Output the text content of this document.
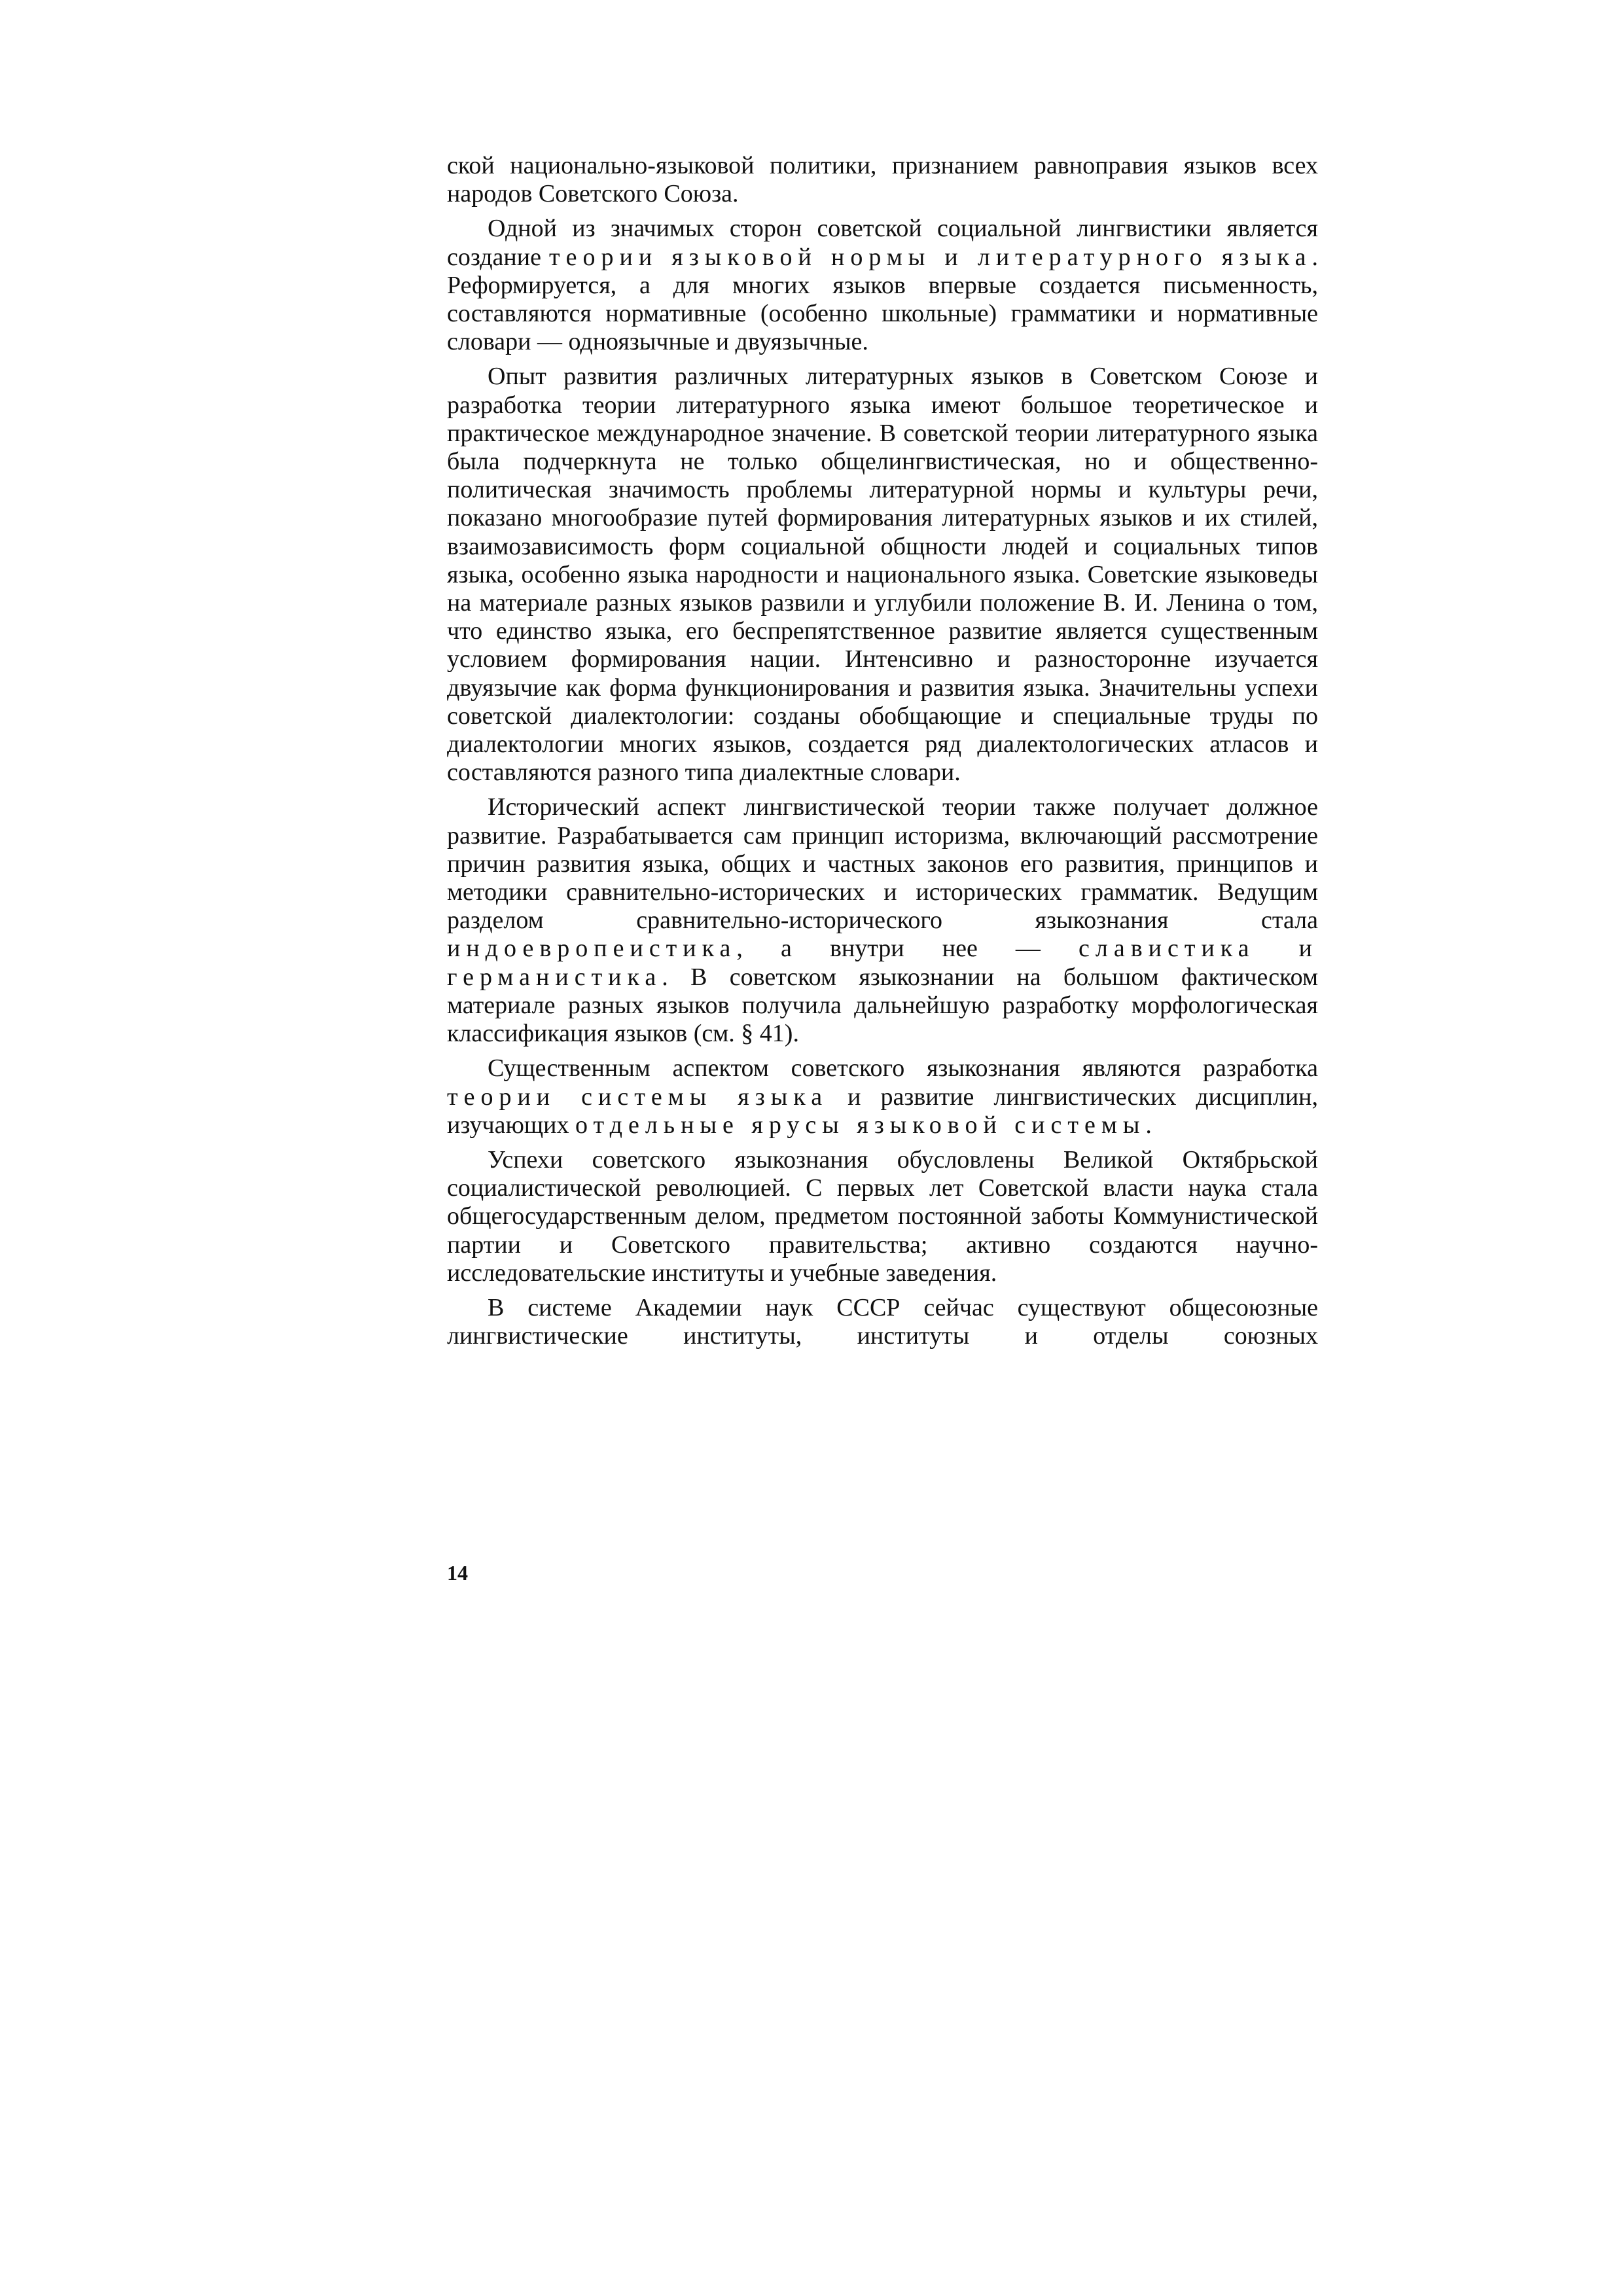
ской национально-языковой политики, признанием равноправия языков всех народов Советского Союза.

Одной из значимых сторон советской социальной лингвистики является создание теории языковой нормы и литературного языка. Реформируется, а для многих языков впервые создается письменность, составляются нормативные (особенно школьные) грамматики и нормативные словари — одноязычные и двуязычные.

Опыт развития различных литературных языков в Советском Союзе и разработка теории литературного языка имеют большое теоретическое и практическое международное значение. В советской теории литературного языка была подчеркнута не только общелингвистическая, но и общественно-политическая значимость проблемы литературной нормы и культуры речи, показано многообразие путей формирования литературных языков и их стилей, взаимозависимость форм социальной общности людей и социальных типов языка, особенно языка народности и национального языка. Советские языковеды на материале разных языков развили и углубили положение В. И. Ленина о том, что единство языка, его беспрепятственное развитие является существенным условием формирования нации. Интенсивно и разносторонне изучается двуязычие как форма функционирования и развития языка. Значительны успехи советской диалектологии: созданы обобщающие и специальные труды по диалектологии многих языков, создается ряд диалектологических атласов и составляются разного типа диалектные словари.

Исторический аспект лингвистической теории также получает должное развитие. Разрабатывается сам принцип историзма, включающий рассмотрение причин развития языка, общих и частных законов его развития, принципов и методики сравнительно-исторических и исторических грамматик. Ведущим разделом сравнительно-исторического языкознания стала индоевропеистика, а внутри нее — славистика и германистика. В советском языкознании на большом фактическом материале разных языков получила дальнейшую разработку морфологическая классификация языков (см. § 41).

Существенным аспектом советского языкознания являются разработка теории системы языка и развитие лингвистических дисциплин, изучающих отдельные ярусы языковой системы.

Успехи советского языкознания обусловлены Великой Октябрьской социалистической революцией. С первых лет Советской власти наука стала общегосударственным делом, предметом постоянной заботы Коммунистической партии и Советского правительства; активно создаются научно-исследовательские институты и учебные заведения.

В системе Академии наук СССР сейчас существуют общесоюзные лингвистические институты, институты и отделы союзных

14
